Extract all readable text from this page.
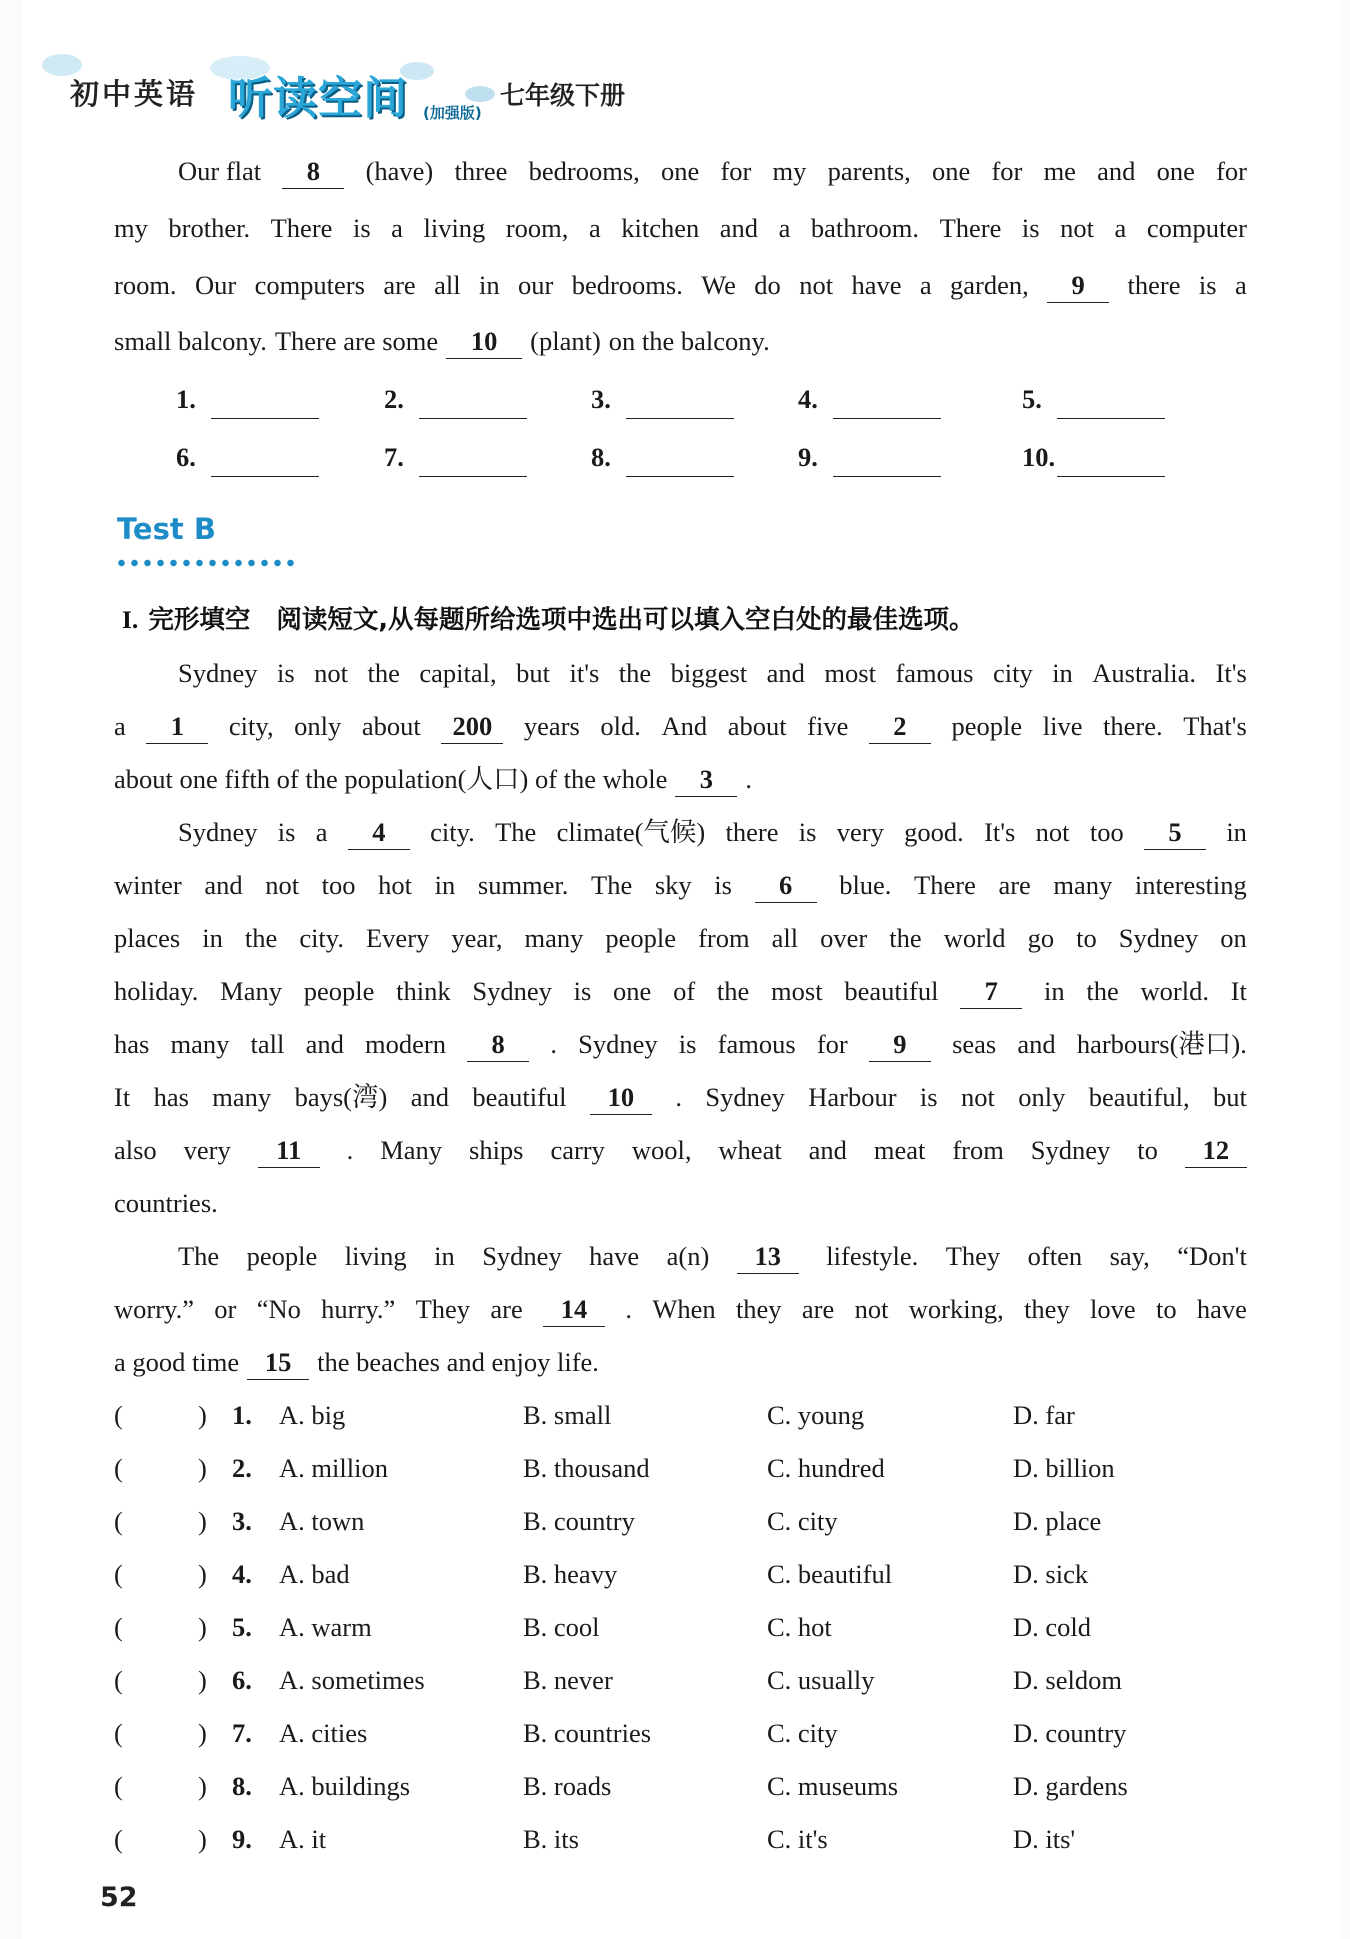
初中英语 听读空间 (加强版)
七年级下册
Our flat	8	(have) three bedrooms, one for my parents, one for me and one for
my brother. There is a living room, a kitchen and a bathroom. There is not a computer
room. Our computers are all in our bedrooms. We do not have a garden,	9	there is a
small balcony. There are some	10	(plant) on the balcony.
1.	2.	3.	4.	5.
6.	7.	8.	9.	10.
Test B
I. 完形填空 阅读短文,从每题所给选项中选出可以填入空白处的最佳选项。
Sydney is not the capital, but it's the biggest and most famous city in Australia. It's
a	1	city, only about	200	years old. And about five	2	people live there. That's
about one fifth of the population(人口) of the whole	3	.
Sydney is a	4	city. The climate(气候) there is very good. It's not too	5	in
winter and not too hot in summer. The sky is	6	blue. There are many interesting
places in the city. Every year, many people from all over the world go to Sydney on
holiday. Many people think Sydney is one of the most beautiful	7	in the world. It
has many tall and modern	8	. Sydney is famous for	9	seas and harbours(港口).
It has many bays(湾) and beautiful	10	. Sydney Harbour is not only beautiful, but
also very	11	. Many ships carry wool, wheat and meat from Sydney to	12
countries.
The people living in Sydney have a(n)	13	lifestyle. They often say, “Don't
worry.” or “No hurry.” They are	14	. When they are not working, they love to have
a good time 15 the beaches and enjoy life.
(	) 1. A. big	B. small	C. young	D. far
(	) 2. A. million	B. thousand	C. hundred	D. billion
(	) 3. A. town	B. country	C. city	D. place
(	) 4. A. bad	B. heavy	C. beautiful	D. sick
(	) 5. A. warm	B. cool	C. hot	D. cold
(	) 6. A. sometimes	B. never	C. usually	D. seldom
(	) 7. A. cities	B. countries	C. city	D. country
(	) 8. A. buildings	B. roads	C. museums	D. gardens
(	) 9. A. it	B. its	C. it's	D. its'
52
